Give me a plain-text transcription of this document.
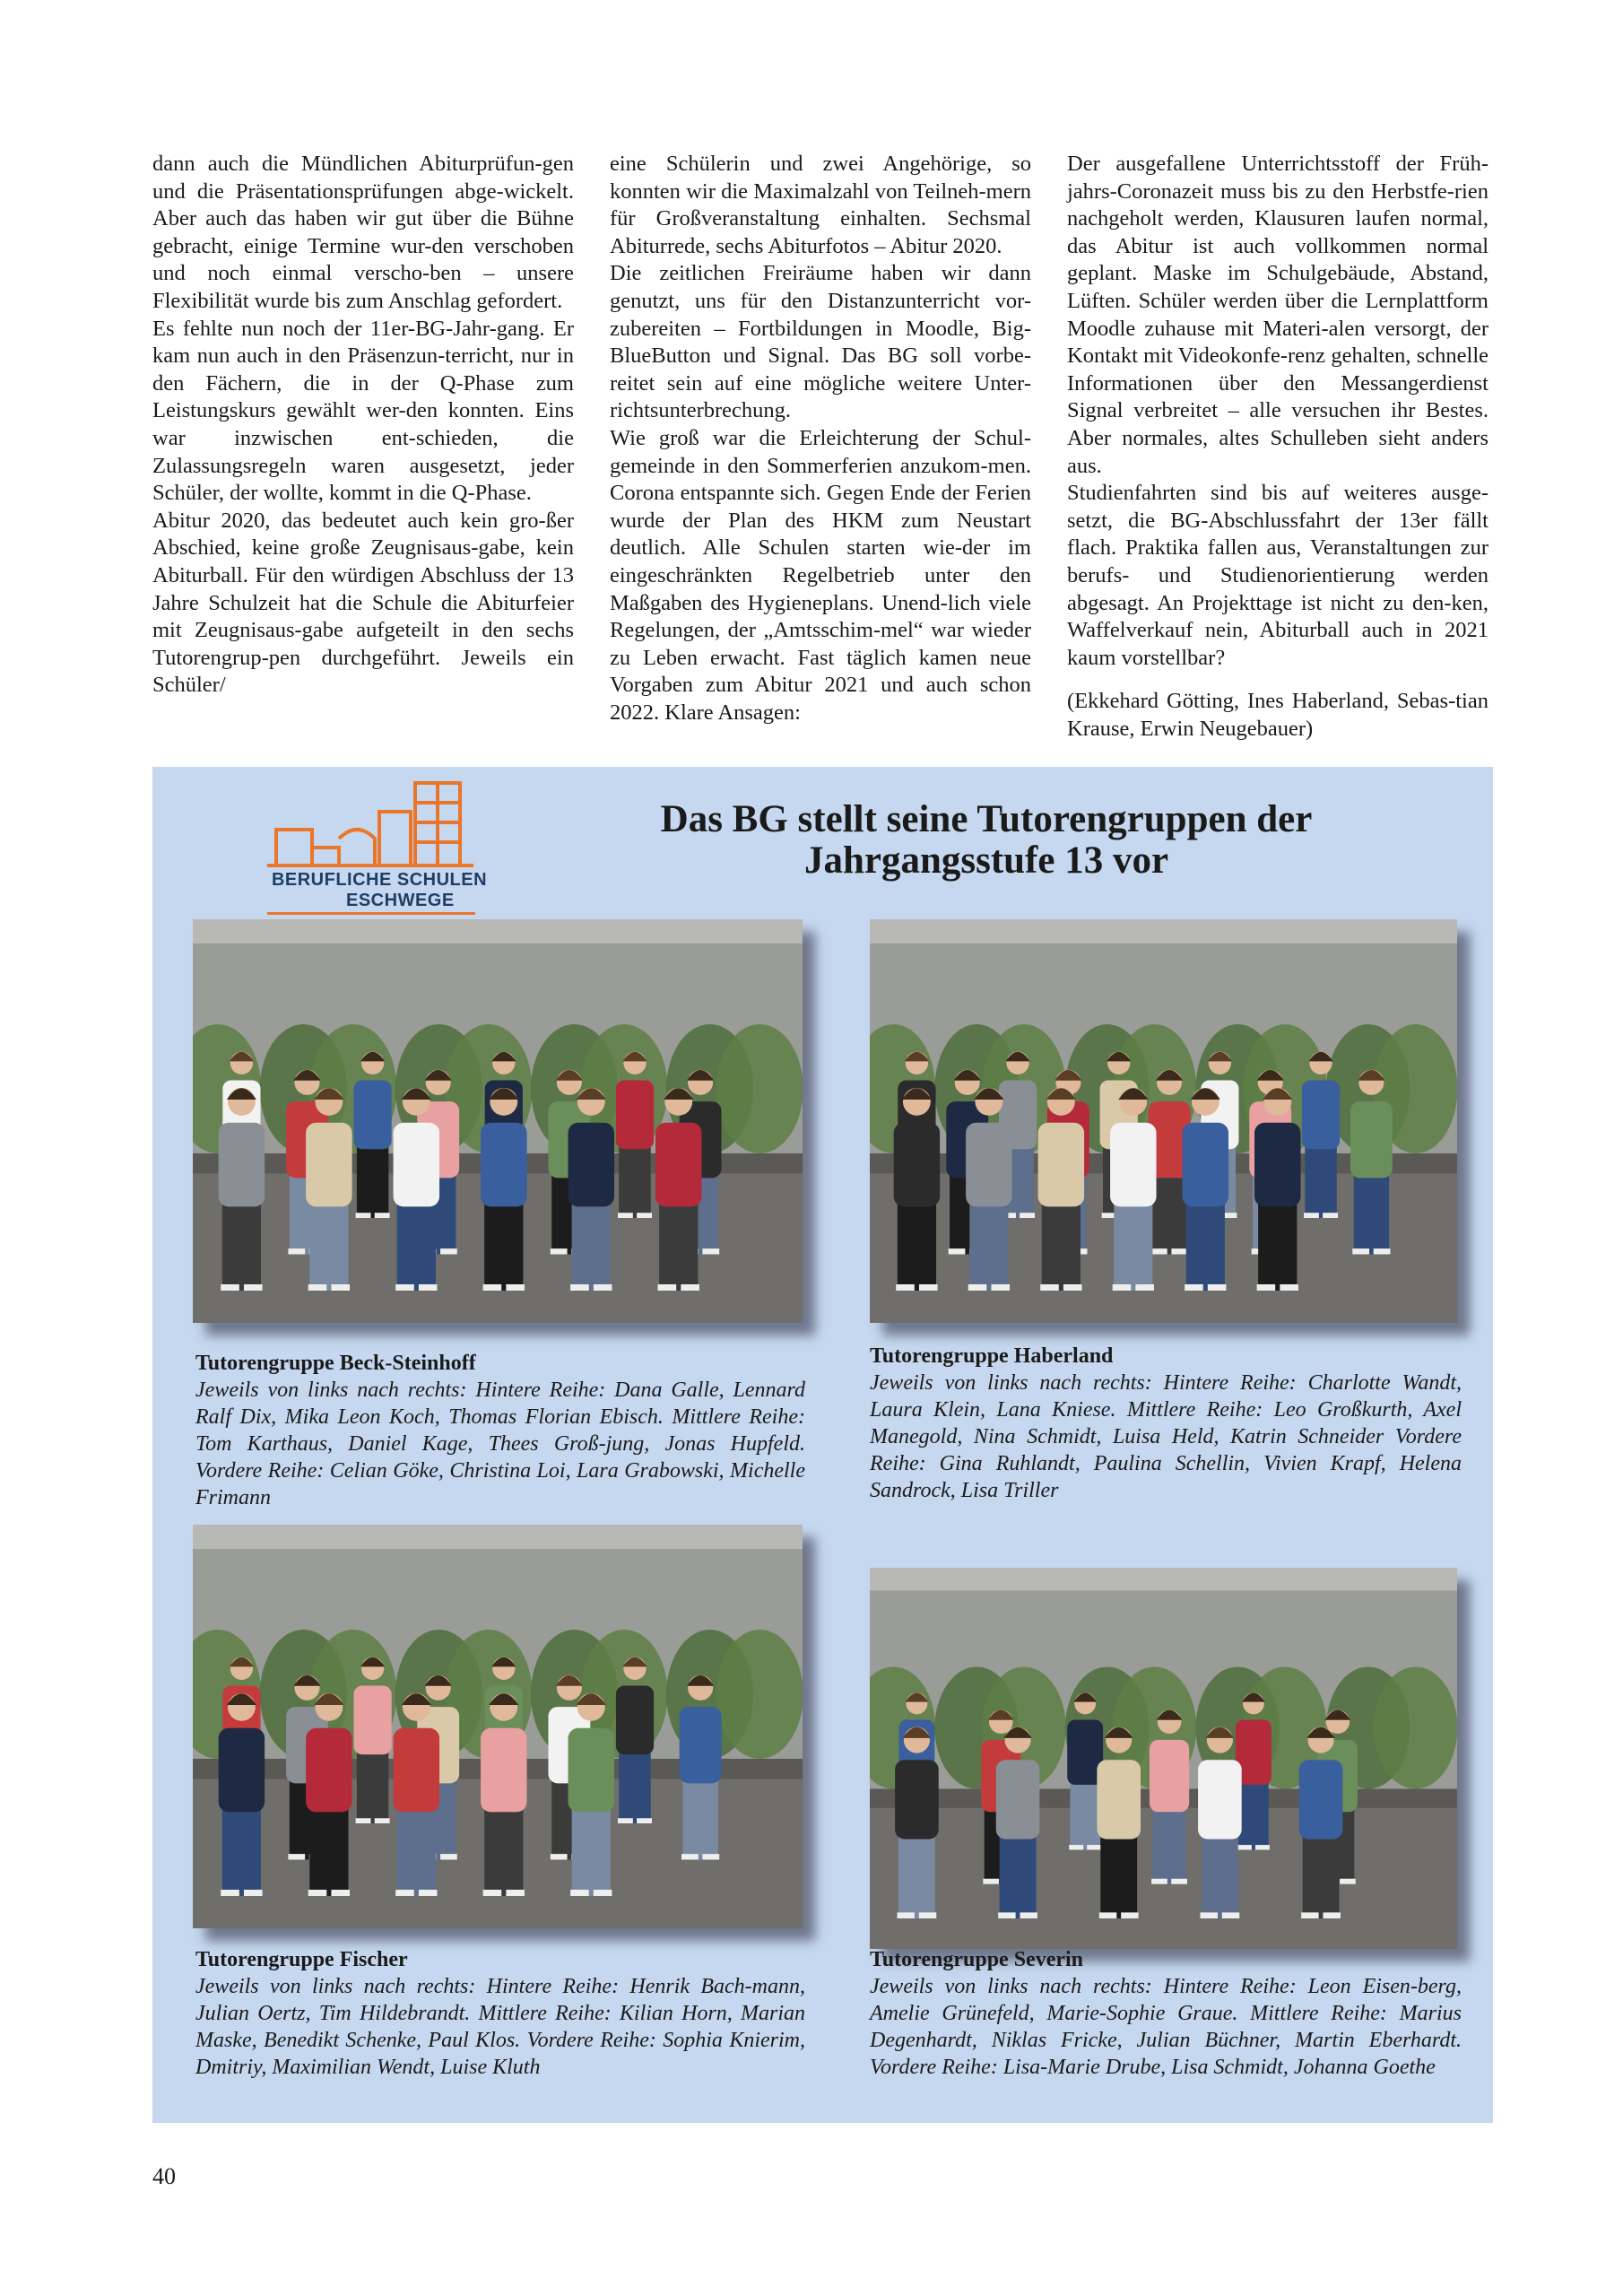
dann auch die Mündlichen Abiturprüfun-gen und die Präsentationsprüfungen abge-wickelt. Aber auch das haben wir gut über die Bühne gebracht, einige Termine wur-den verschoben und noch einmal verscho-ben – unsere Flexibilität wurde bis zum Anschlag gefordert.

Es fehlte nun noch der 11er-BG-Jahr-gang. Er kam nun auch in den Präsenzun-terricht, nur in den Fächern, die in der Q-Phase zum Leistungskurs gewählt wer-den konnten. Eins war inzwischen ent-schieden, die Zulassungsregeln waren ausgesetzt, jeder Schüler, der wollte, kommt in die Q-Phase.

Abitur 2020, das bedeutet auch kein gro-ßer Abschied, keine große Zeugnisaus-gabe, kein Abiturball. Für den würdigen Abschluss der 13 Jahre Schulzeit hat die Schule die Abiturfeier mit Zeugnisaus-gabe aufgeteilt in den sechs Tutorengrup-pen durchgeführt. Jeweils ein Schüler/

eine Schülerin und zwei Angehörige, so konnten wir die Maximalzahl von Teilneh-mern für Großveranstaltung einhalten. Sechsmal Abiturrede, sechs Abiturfotos – Abitur 2020.

Die zeitlichen Freiräume haben wir dann genutzt, uns für den Distanzunterricht vor-zubereiten – Fortbildungen in Moodle, Big-BlueButton und Signal. Das BG soll vorbe-reitet sein auf eine mögliche weitere Unter-richtsunterbrechung.

Wie groß war die Erleichterung der Schul-gemeinde in den Sommerferien anzukom-men. Corona entspannte sich. Gegen Ende der Ferien wurde der Plan des HKM zum Neustart deutlich. Alle Schulen starten wie-der im eingeschränkten Regelbetrieb unter den Maßgaben des Hygieneplans. Unend-lich viele Regelungen, der „Amtsschim-mel“ war wieder zu Leben erwacht. Fast täglich kamen neue Vorgaben zum Abitur 2021 und auch schon 2022. Klare Ansagen:

Der ausgefallene Unterrichtsstoff der Früh-jahrs-Coronazeit muss bis zu den Herbstfe-rien nachgeholt werden, Klausuren laufen normal, das Abitur ist auch vollkommen normal geplant. Maske im Schulgebäude, Abstand, Lüften. Schüler werden über die Lernplattform Moodle zuhause mit Materi-alen versorgt, der Kontakt mit Videokonfe-renz gehalten, schnelle Informationen über den Messangerdienst Signal verbreitet – alle versuchen ihr Bestes. Aber normales, altes Schulleben sieht anders aus.

Studienfahrten sind bis auf weiteres ausge-setzt, die BG-Abschlussfahrt der 13er fällt flach. Praktika fallen aus, Veranstaltungen zur berufs- und Studienorientierung werden abgesagt. An Projekttage ist nicht zu den-ken, Waffelverkauf nein, Abiturball auch in 2021 kaum vorstellbar?

(Ekkehard Götting, Ines Haberland, Sebas-tian Krause, Erwin Neugebauer)

BERUFLICHE SCHULEN
ESCHWEGE
Das BG stellt seine Tutorengruppen der
Jahrgangsstufe 13 vor
Tutorengruppe Beck-Steinhoff
Jeweils von links nach rechts: Hintere Reihe: Dana Galle, Lennard Ralf Dix, Mika Leon Koch, Thomas Florian Ebisch. Mittlere Reihe: Tom Karthaus, Daniel Kage, Thees Groß-jung, Jonas Hupfeld. Vordere Reihe: Celian Göke, Christina Loi, Lara Grabowski, Michelle Frimann
Tutorengruppe Haberland
Jeweils von links nach rechts: Hintere Reihe: Charlotte Wandt, Laura Klein, Lana Kniese. Mittlere Reihe: Leo Großkurth, Axel Manegold, Nina Schmidt, Luisa Held, Katrin Schneider Vordere Reihe: Gina Ruhlandt, Paulina Schellin, Vivien Krapf, Helena Sandrock, Lisa Triller
Tutorengruppe Fischer
Jeweils von links nach rechts: Hintere Reihe: Henrik Bach-mann, Julian Oertz, Tim Hildebrandt. Mittlere Reihe: Kilian Horn, Marian Maske, Benedikt Schenke, Paul Klos. Vordere Reihe: Sophia Knierim, Dmitriy, Maximilian Wendt, Luise Kluth
Tutorengruppe Severin
Jeweils von links nach rechts: Hintere Reihe: Leon Eisen-berg, Amelie Grünefeld, Marie-Sophie Graue. Mittlere Reihe: Marius Degenhardt, Niklas Fricke, Julian Büchner, Martin Eberhardt. Vordere Reihe: Lisa-Marie Drube, Lisa Schmidt, Johanna Goethe
40
